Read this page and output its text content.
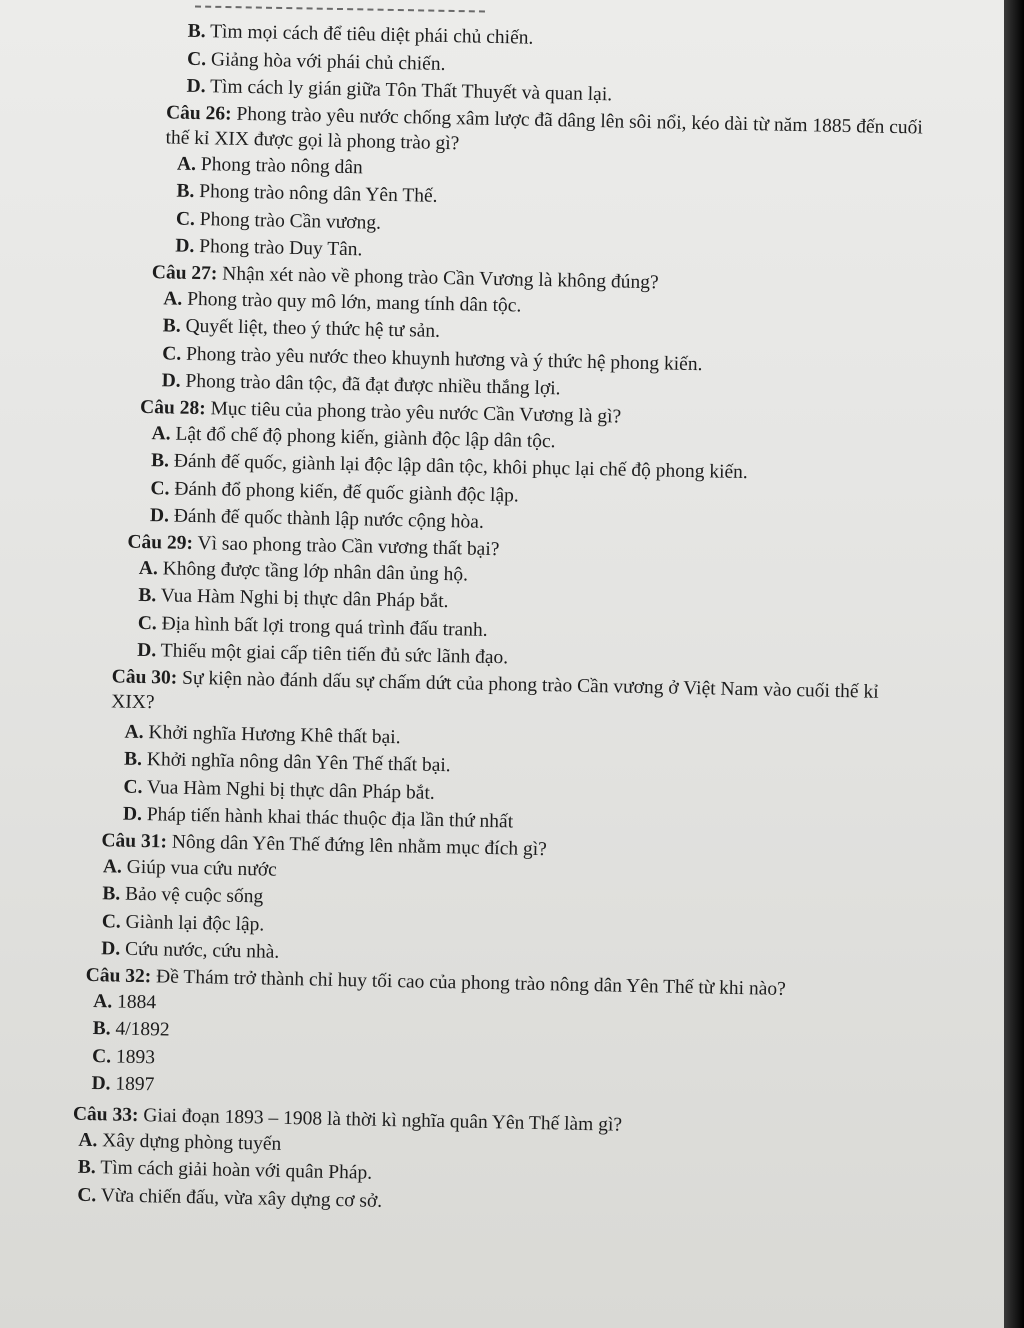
B. Tìm mọi cách để tiêu diệt phái chủ chiến.
C. Giảng hòa với phái chủ chiến.
D. Tìm cách ly gián giữa Tôn Thất Thuyết và quan lại.
Câu 26: Phong trào yêu nước chống xâm lược đã dâng lên sôi nổi, kéo dài từ năm 1885 đến cuối thế kỉ XIX được gọi là phong trào gì?
A. Phong trào nông dân
B. Phong trào nông dân Yên Thế.
C. Phong trào Cần vương.
D. Phong trào Duy Tân.
Câu 27: Nhận xét nào về phong trào Cần Vương là không đúng?
A. Phong trào quy mô lớn, mang tính dân tộc.
B. Quyết liệt, theo ý thức hệ tư sản.
C. Phong trào yêu nước theo khuynh hương và ý thức hệ phong kiến.
D. Phong trào dân tộc, đã đạt được nhiều thắng lợi.
Câu 28: Mục tiêu của phong trào yêu nước Cần Vương là gì?
A. Lật đổ chế độ phong kiến, giành độc lập dân tộc.
B. Đánh đế quốc, giành lại độc lập dân tộc, khôi phục lại chế độ phong kiến.
C. Đánh đổ phong kiến, đế quốc giành độc lập.
D. Đánh đế quốc thành lập nước cộng hòa.
Câu 29: Vì sao phong trào Cần vương thất bại?
A. Không được tầng lớp nhân dân ủng hộ.
B. Vua Hàm Nghi bị thực dân Pháp bắt.
C. Địa hình bất lợi trong quá trình đấu tranh.
D. Thiếu một giai cấp tiên tiến đủ sức lãnh đạo.
Câu 30: Sự kiện nào đánh dấu sự chấm dứt của phong trào Cần vương ở Việt Nam vào cuối thế kỉ XIX?
A. Khởi nghĩa Hương Khê thất bại.
B. Khởi nghĩa nông dân Yên Thế thất bại.
C. Vua Hàm Nghi bị thực dân Pháp bắt.
D. Pháp tiến hành khai thác thuộc địa lần thứ nhất
Câu 31: Nông dân Yên Thế đứng lên nhằm mục đích gì?
A. Giúp vua cứu nước
B. Bảo vệ cuộc sống
C. Giành lại độc lập.
D. Cứu nước, cứu nhà.
Câu 32: Đề Thám trở thành chỉ huy tối cao của phong trào nông dân Yên Thế từ khi nào?
A. 1884
B. 4/1892
C. 1893
D. 1897
Câu 33: Giai đoạn 1893 – 1908 là thời kì nghĩa quân Yên Thế làm gì?
A. Xây dựng phòng tuyến
B. Tìm cách giải hoàn với quân Pháp.
C. Vừa chiến đấu, vừa xây dựng cơ sở.
